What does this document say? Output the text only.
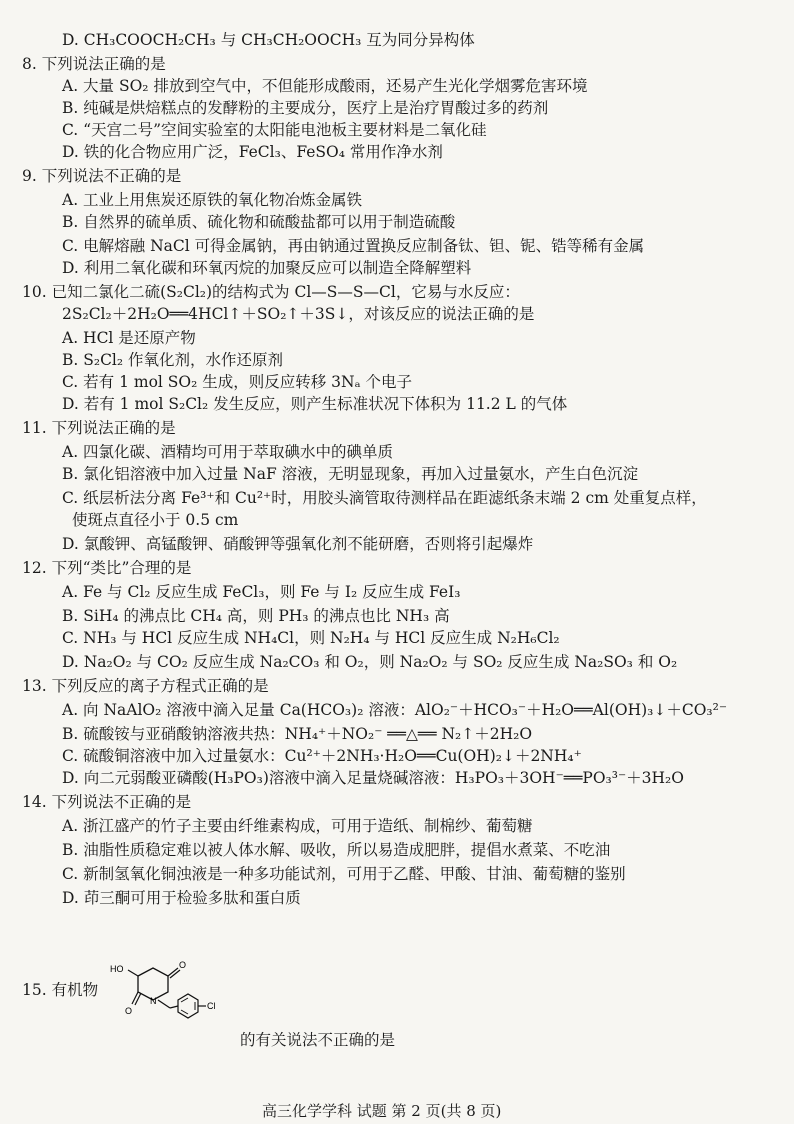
D. CH₃COOCH₂CH₃ 与 CH₃CH₂OOCH₃ 互为同分异构体
8. 下列说法正确的是
A. 大量 SO₂ 排放到空气中，不但能形成酸雨，还易产生光化学烟雾危害环境
B. 纯碱是烘焙糕点的发酵粉的主要成分，医疗上是治疗胃酸过多的药剂
C. “天宫二号”空间实验室的太阳能电池板主要材料是二氧化硅
D. 铁的化合物应用广泛，FeCl₃、FeSO₄ 常用作净水剂
9. 下列说法不正确的是
A. 工业上用焦炭还原铁的氧化物冶炼金属铁
B. 自然界的硫单质、硫化物和硫酸盐都可以用于制造硫酸
C. 电解熔融 NaCl 可得金属钠，再由钠通过置换反应制备钛、钽、铌、锆等稀有金属
D. 利用二氧化碳和环氧丙烷的加聚反应可以制造全降解塑料
10. 已知二氯化二硫(S₂Cl₂)的结构式为 Cl—S—S—Cl，它易与水反应：
2S₂Cl₂＋2H₂O══4HCl↑＋SO₂↑＋3S↓，对该反应的说法正确的是
A. HCl 是还原产物
B. S₂Cl₂ 作氧化剂，水作还原剂
C. 若有 1 mol SO₂ 生成，则反应转移 3Nₐ 个电子
D. 若有 1 mol S₂Cl₂ 发生反应，则产生标准状况下体积为 11.2 L 的气体
11. 下列说法正确的是
A. 四氯化碳、酒精均可用于萃取碘水中的碘单质
B. 氯化铝溶液中加入过量 NaF 溶液，无明显现象，再加入过量氨水，产生白色沉淀
C. 纸层析法分离 Fe³⁺和 Cu²⁺时，用胶头滴管取待测样品在距滤纸条末端 2 cm 处重复点样，
使斑点直径小于 0.5 cm
D. 氯酸钾、高锰酸钾、硝酸钾等强氧化剂不能研磨，否则将引起爆炸
12. 下列“类比”合理的是
A. Fe 与 Cl₂ 反应生成 FeCl₃，则 Fe 与 I₂ 反应生成 FeI₃
B. SiH₄ 的沸点比 CH₄ 高，则 PH₃ 的沸点也比 NH₃ 高
C. NH₃ 与 HCl 反应生成 NH₄Cl，则 N₂H₄ 与 HCl 反应生成 N₂H₆Cl₂
D. Na₂O₂ 与 CO₂ 反应生成 Na₂CO₃ 和 O₂，则 Na₂O₂ 与 SO₂ 反应生成 Na₂SO₃ 和 O₂
13. 下列反应的离子方程式正确的是
A. 向 NaAlO₂ 溶液中滴入足量 Ca(HCO₃)₂ 溶液：AlO₂⁻＋HCO₃⁻＋H₂O══Al(OH)₃↓＋CO₃²⁻
B. 硫酸铵与亚硝酸钠溶液共热：NH₄⁺＋NO₂⁻ ══△══ N₂↑＋2H₂O
C. 硫酸铜溶液中加入过量氨水：Cu²⁺＋2NH₃·H₂O══Cu(OH)₂↓＋2NH₄⁺
D. 向二元弱酸亚磷酸(H₃PO₃)溶液中滴入足量烧碱溶液：H₃PO₃＋3OH⁻══PO₃³⁻＋3H₂O
14. 下列说法不正确的是
A. 浙江盛产的竹子主要由纤维素构成，可用于造纸、制棉纱、葡萄糖
B. 油脂性质稳定难以被人体水解、吸收，所以易造成肥胖，提倡水煮菜、不吃油
C. 新制氢氧化铜浊液是一种多功能试剂，可用于乙醛、甲酸、甘油、葡萄糖的鉴别
D. 茚三酮可用于检验多肽和蛋白质
15. 有机物
的有关说法不正确的是
HO	O
O
N	Cl
高三化学学科 试题 第 2 页(共 8 页)
